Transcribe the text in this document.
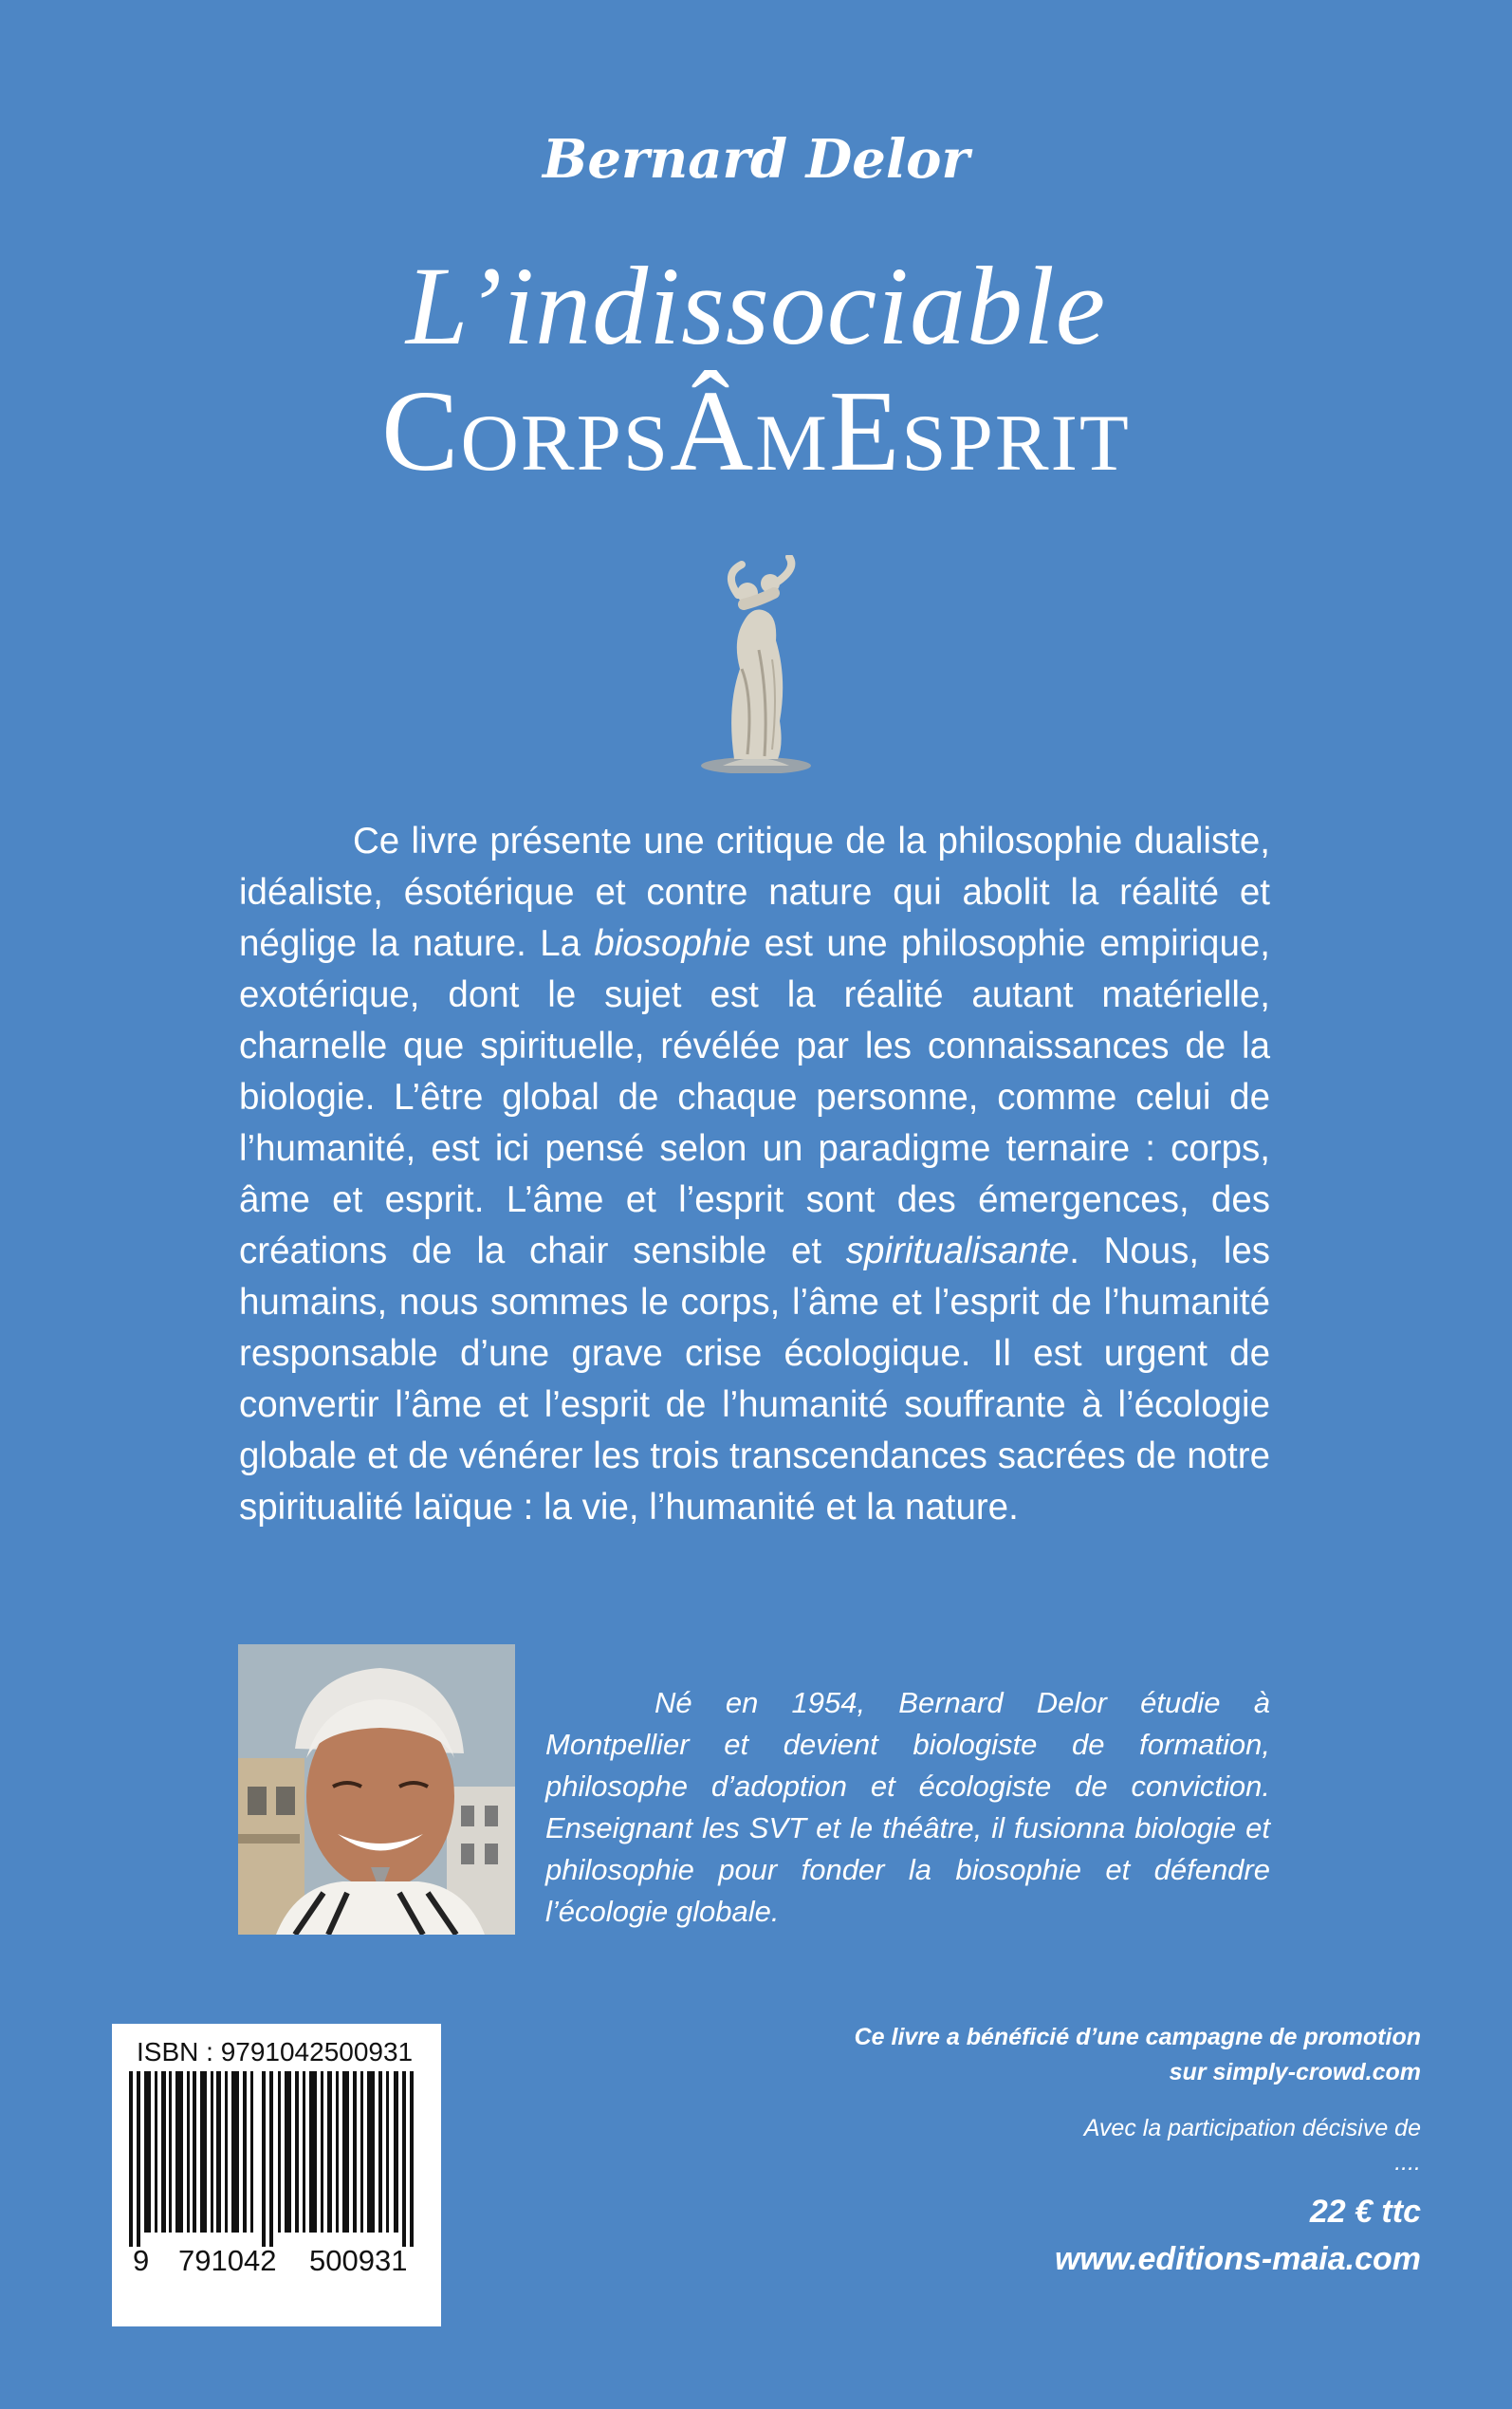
Bernard Delor
L’indissociable
CorpsÂmEsprit

Ce livre présente une critique de la philosophie dualiste, idéaliste, ésotérique et contre nature qui abolit la réalité et néglige la nature. La biosophie est une philosophie empirique, exotérique, dont le sujet est la réalité autant matérielle, charnelle que spirituelle, révélée par les connaissances de la biologie. L’être global de chaque personne, comme celui de l’humanité, est ici pensé selon un paradigme ternaire : corps, âme et esprit. L’âme et l’esprit sont des émergences, des créations de la chair sensible et spiritualisante. Nous, les humains, nous sommes le corps, l’âme et l’esprit de l’humanité responsable d’une grave crise écologique. Il est urgent de convertir l’âme et l’esprit de l’humanité souffrante à l’écologie globale et de vénérer les trois transcendances sacrées de notre spiritualité laïque : la vie, l’humanité et la nature.

Né en 1954, Bernard Delor étudie à Montpellier et devient biologiste de formation, philosophe d’adoption et écologiste de conviction. Enseignant les SVT et le théâtre, il fusionna biologie et philosophie pour fonder la biosophie et défendre l’écologie globale.

ISBN : 9791042500931
9 791042 500931
Ce livre a bénéficié d’une campagne de promotion
sur simply-crowd.com
Avec la participation décisive de
....
22 € ttc
www.editions-maia.com
